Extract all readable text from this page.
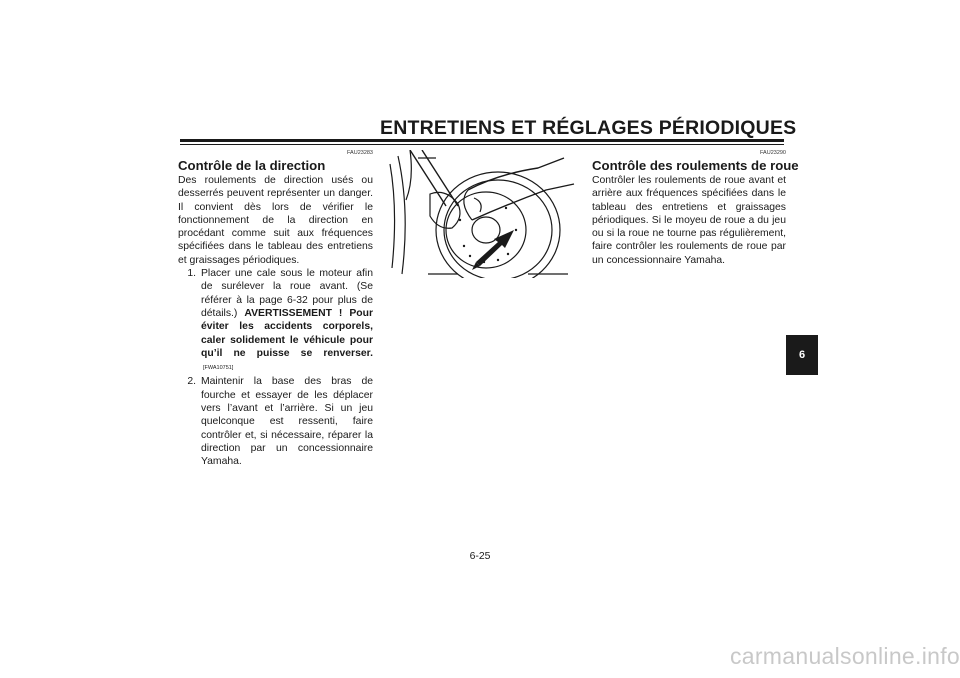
ENTRETIENS ET RÉGLAGES PÉRIODIQUES
FAU23283
Contrôle de la direction

Des roulements de direction usés ou desserrés peuvent représenter un danger. Il convient dès lors de vérifier le fonctionnement de la direction en procédant comme suit aux fréquences spécifiées dans le tableau des entretiens et graissages périodiques.

1. Placer une cale sous le moteur afin de surélever la roue avant. (Se référer à la page 6-32 pour plus de détails.) AVERTISSEMENT ! Pour éviter les accidents corporels, caler solidement le véhicule pour qu’il ne puisse se renverser. [FWA10751]
2. Maintenir la base des bras de fourche et essayer de les déplacer vers l’avant et l’arrière. Si un jeu quelconque est ressenti, faire contrôler et, si nécessaire, réparer la direction par un concessionnaire Yamaha.
FAU23290
Contrôle des roulements de roue

Contrôler les roulements de roue avant et arrière aux fréquences spécifiées dans le tableau des entretiens et graissages périodiques. Si le moyeu de roue a du jeu ou si la roue ne tourne pas régulièrement, faire contrôler les roulements de roue par un concessionnaire Yamaha.

6
6-25
carmanualsonline.info
